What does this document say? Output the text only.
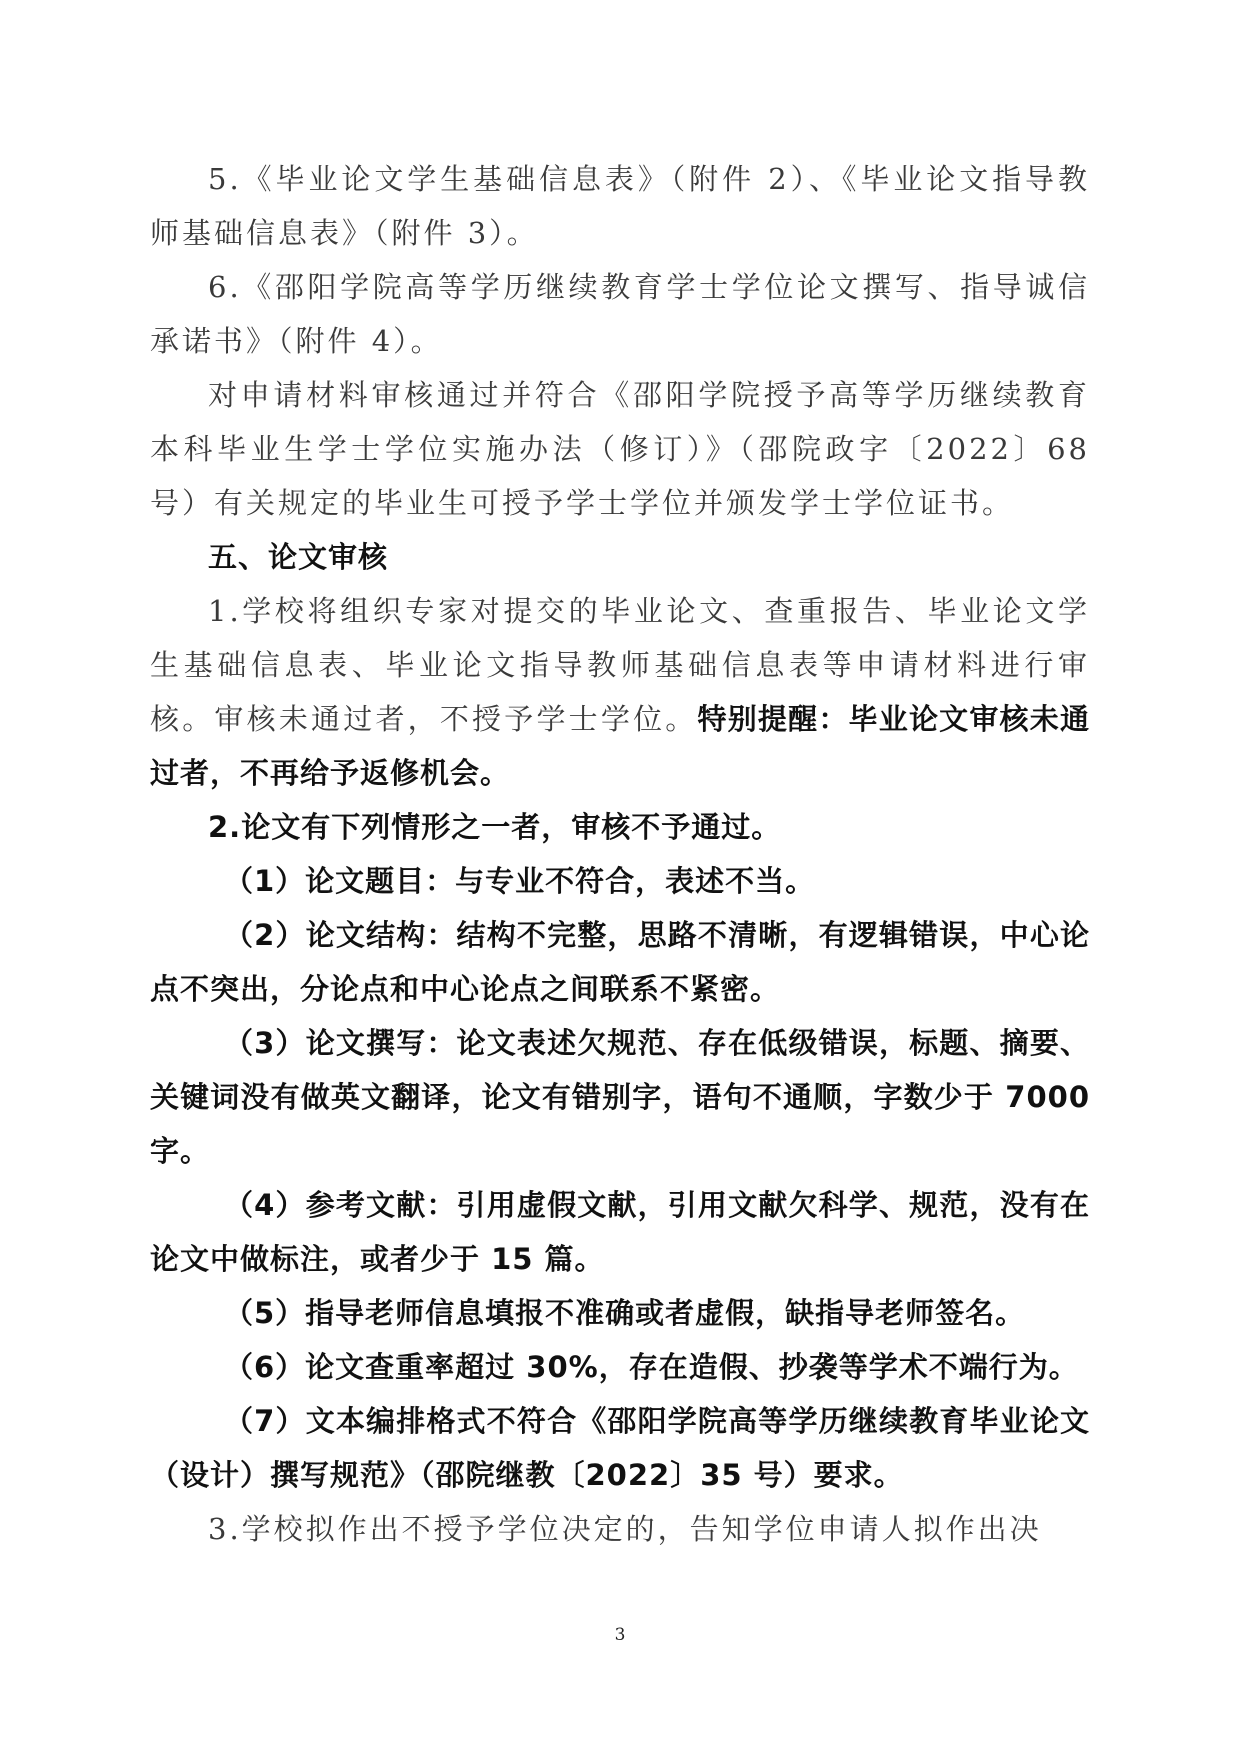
5.《毕业论文学生基础信息表》（附件 2）、《毕业论文指导教师基础信息表》（附件 3）。

6.《邵阳学院高等学历继续教育学士学位论文撰写、指导诚信承诺书》（附件 4）。

对申请材料审核通过并符合《邵阳学院授予高等学历继续教育本科毕业生学士学位实施办法（修订）》（邵院政字〔2022〕68 号）有关规定的毕业生可授予学士学位并颁发学士学位证书。

五、论文审核

1.学校将组织专家对提交的毕业论文、查重报告、毕业论文学生基础信息表、毕业论文指导教师基础信息表等申请材料进行审核。审核未通过者，不授予学士学位。特别提醒：毕业论文审核未通过者，不再给予返修机会。

2.论文有下列情形之一者，审核不予通过。

（1）论文题目：与专业不符合，表述不当。

（2）论文结构：结构不完整，思路不清晰，有逻辑错误，中心论点不突出，分论点和中心论点之间联系不紧密。

（3）论文撰写：论文表述欠规范、存在低级错误，标题、摘要、关键词没有做英文翻译，论文有错别字，语句不通顺，字数少于 7000 字。

（4）参考文献：引用虚假文献，引用文献欠科学、规范，没有在论文中做标注，或者少于 15 篇。

（5）指导老师信息填报不准确或者虚假，缺指导老师签名。

（6）论文查重率超过 30%，存在造假、抄袭等学术不端行为。

（7）文本编排格式不符合《邵阳学院高等学历继续教育毕业论文（设计）撰写规范》（邵院继教〔2022〕35 号）要求。

3.学校拟作出不授予学位决定的，告知学位申请人拟作出决

3
